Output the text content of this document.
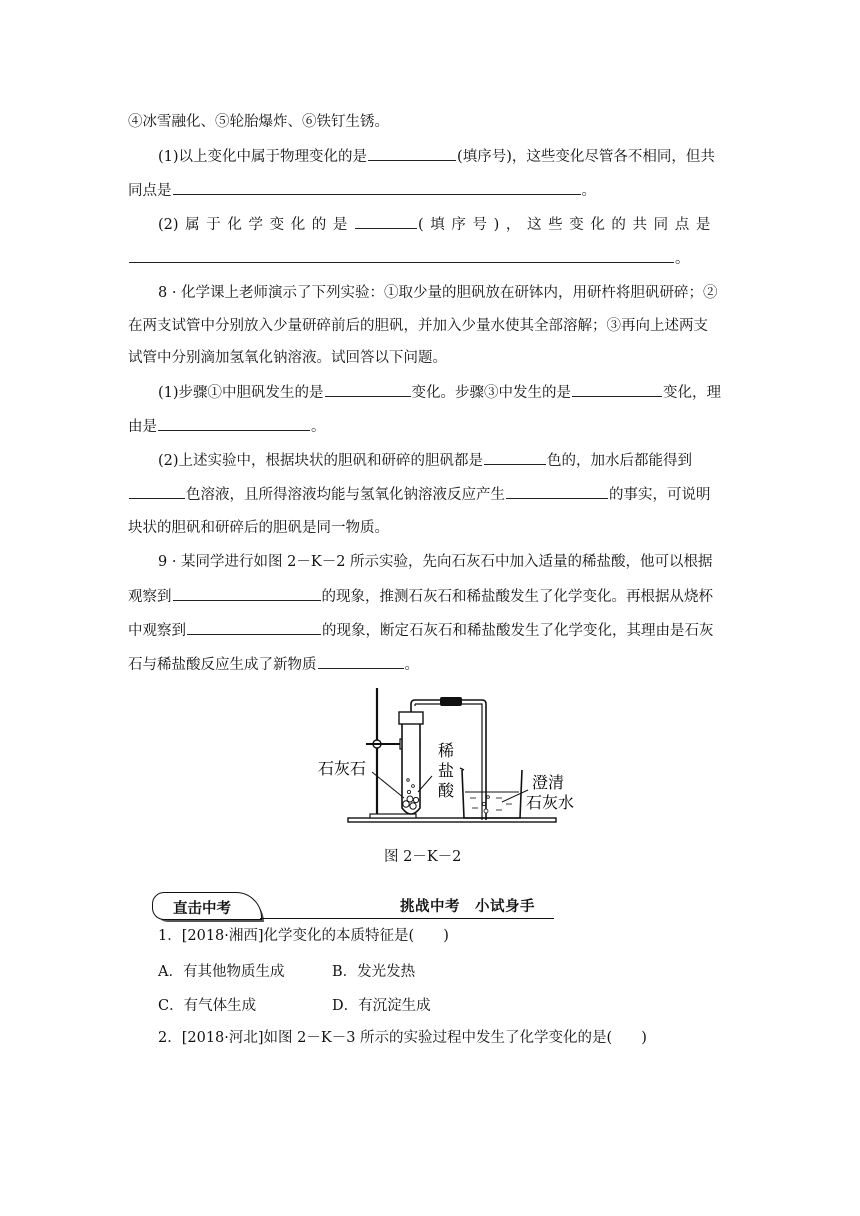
④冰雪融化、⑤轮胎爆炸、⑥铁钉生锈。
(1)以上变化中属于物理变化的是	(填序号)，这些变化尽管各不相同，但共
同点是	。
(2) 属 于 化 学 变 化 的 是	( 填 序 号 ) ， 这 些 变 化 的 共 同 点 是
。
8 · 化学课上老师演示了下列实验：①取少量的胆矾放在研钵内，用研杵将胆矾研碎；②
在两支试管中分别放入少量研碎前后的胆矾，并加入少量水使其全部溶解；③再向上述两支
试管中分别滴加氢氧化钠溶液。试回答以下问题。
(1)步骤①中胆矾发生的是	变化。步骤③中发生的是	变化，理
由是	。
(2)上述实验中，根据块状的胆矾和研碎的胆矾都是	色的，加水后都能得到
色溶液，且所得溶液均能与氢氧化钠溶液反应产生	的事实，可说明
块状的胆矾和研碎后的胆矾是同一物质。
9 · 某同学进行如图 2－K－2 所示实验，先向石灰石中加入适量的稀盐酸，他可以根据
观察到	的现象，推测石灰石和稀盐酸发生了化学变化。再根据从烧杯
中观察到	的现象，断定石灰石和稀盐酸发生了化学变化，其理由是石灰
石与稀盐酸反应生成了新物质	。
石灰石
稀
盐
酸	澄清
石灰水
图 2－K－2
直击中考	挑战中考　小试身手
1．[2018·湘西]化学变化的本质特征是(　　)
A．有其他物质生成	B．发光发热
C．有气体生成	D．有沉淀生成
2．[2018·河北]如图 2－K－3 所示的实验过程中发生了化学变化的是(　　)
